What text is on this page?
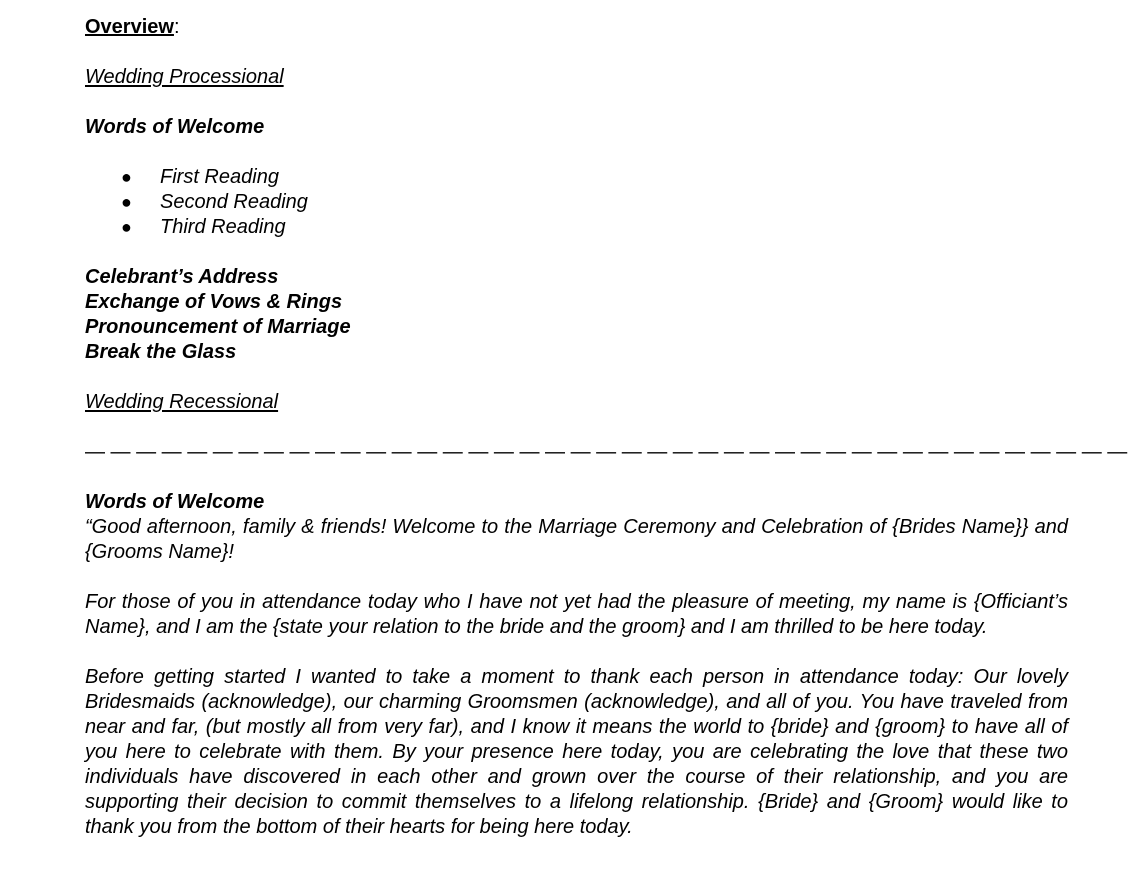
Overview:
Wedding Processional
Words of Welcome
● First Reading
● Second Reading
● Third Reading
Celebrant’s Address
Exchange of Vows & Rings
Pronouncement of Marriage
Break the Glass
Wedding Recessional
— — — — — — — — — — — — — — — — — — — — — — — — — — — — — — — — — — — — — — — — —
Words of Welcome
“Good afternoon, family & friends! Welcome to the Marriage Ceremony and Celebration of {Brides Name}} and {Grooms Name}!
For those of you in attendance today who I have not yet had the pleasure of meeting, my name is {Officiant’s Name}, and I am the {state your relation to the bride and the groom} and I am thrilled to be here today.
Before getting started I wanted to take a moment to thank each person in attendance today: Our lovely Bridesmaids (acknowledge), our charming Groomsmen (acknowledge), and all of you. You have traveled from near and far, (but mostly all from very far), and I know it means the world to {bride} and {groom} to have all of you here to celebrate with them. By your presence here today, you are celebrating the love that these two individuals have discovered in each other and grown over the course of their relationship, and you are supporting their decision to commit themselves to a lifelong relationship. {Bride} and {Groom} would like to thank you from the bottom of their hearts for being here today.
